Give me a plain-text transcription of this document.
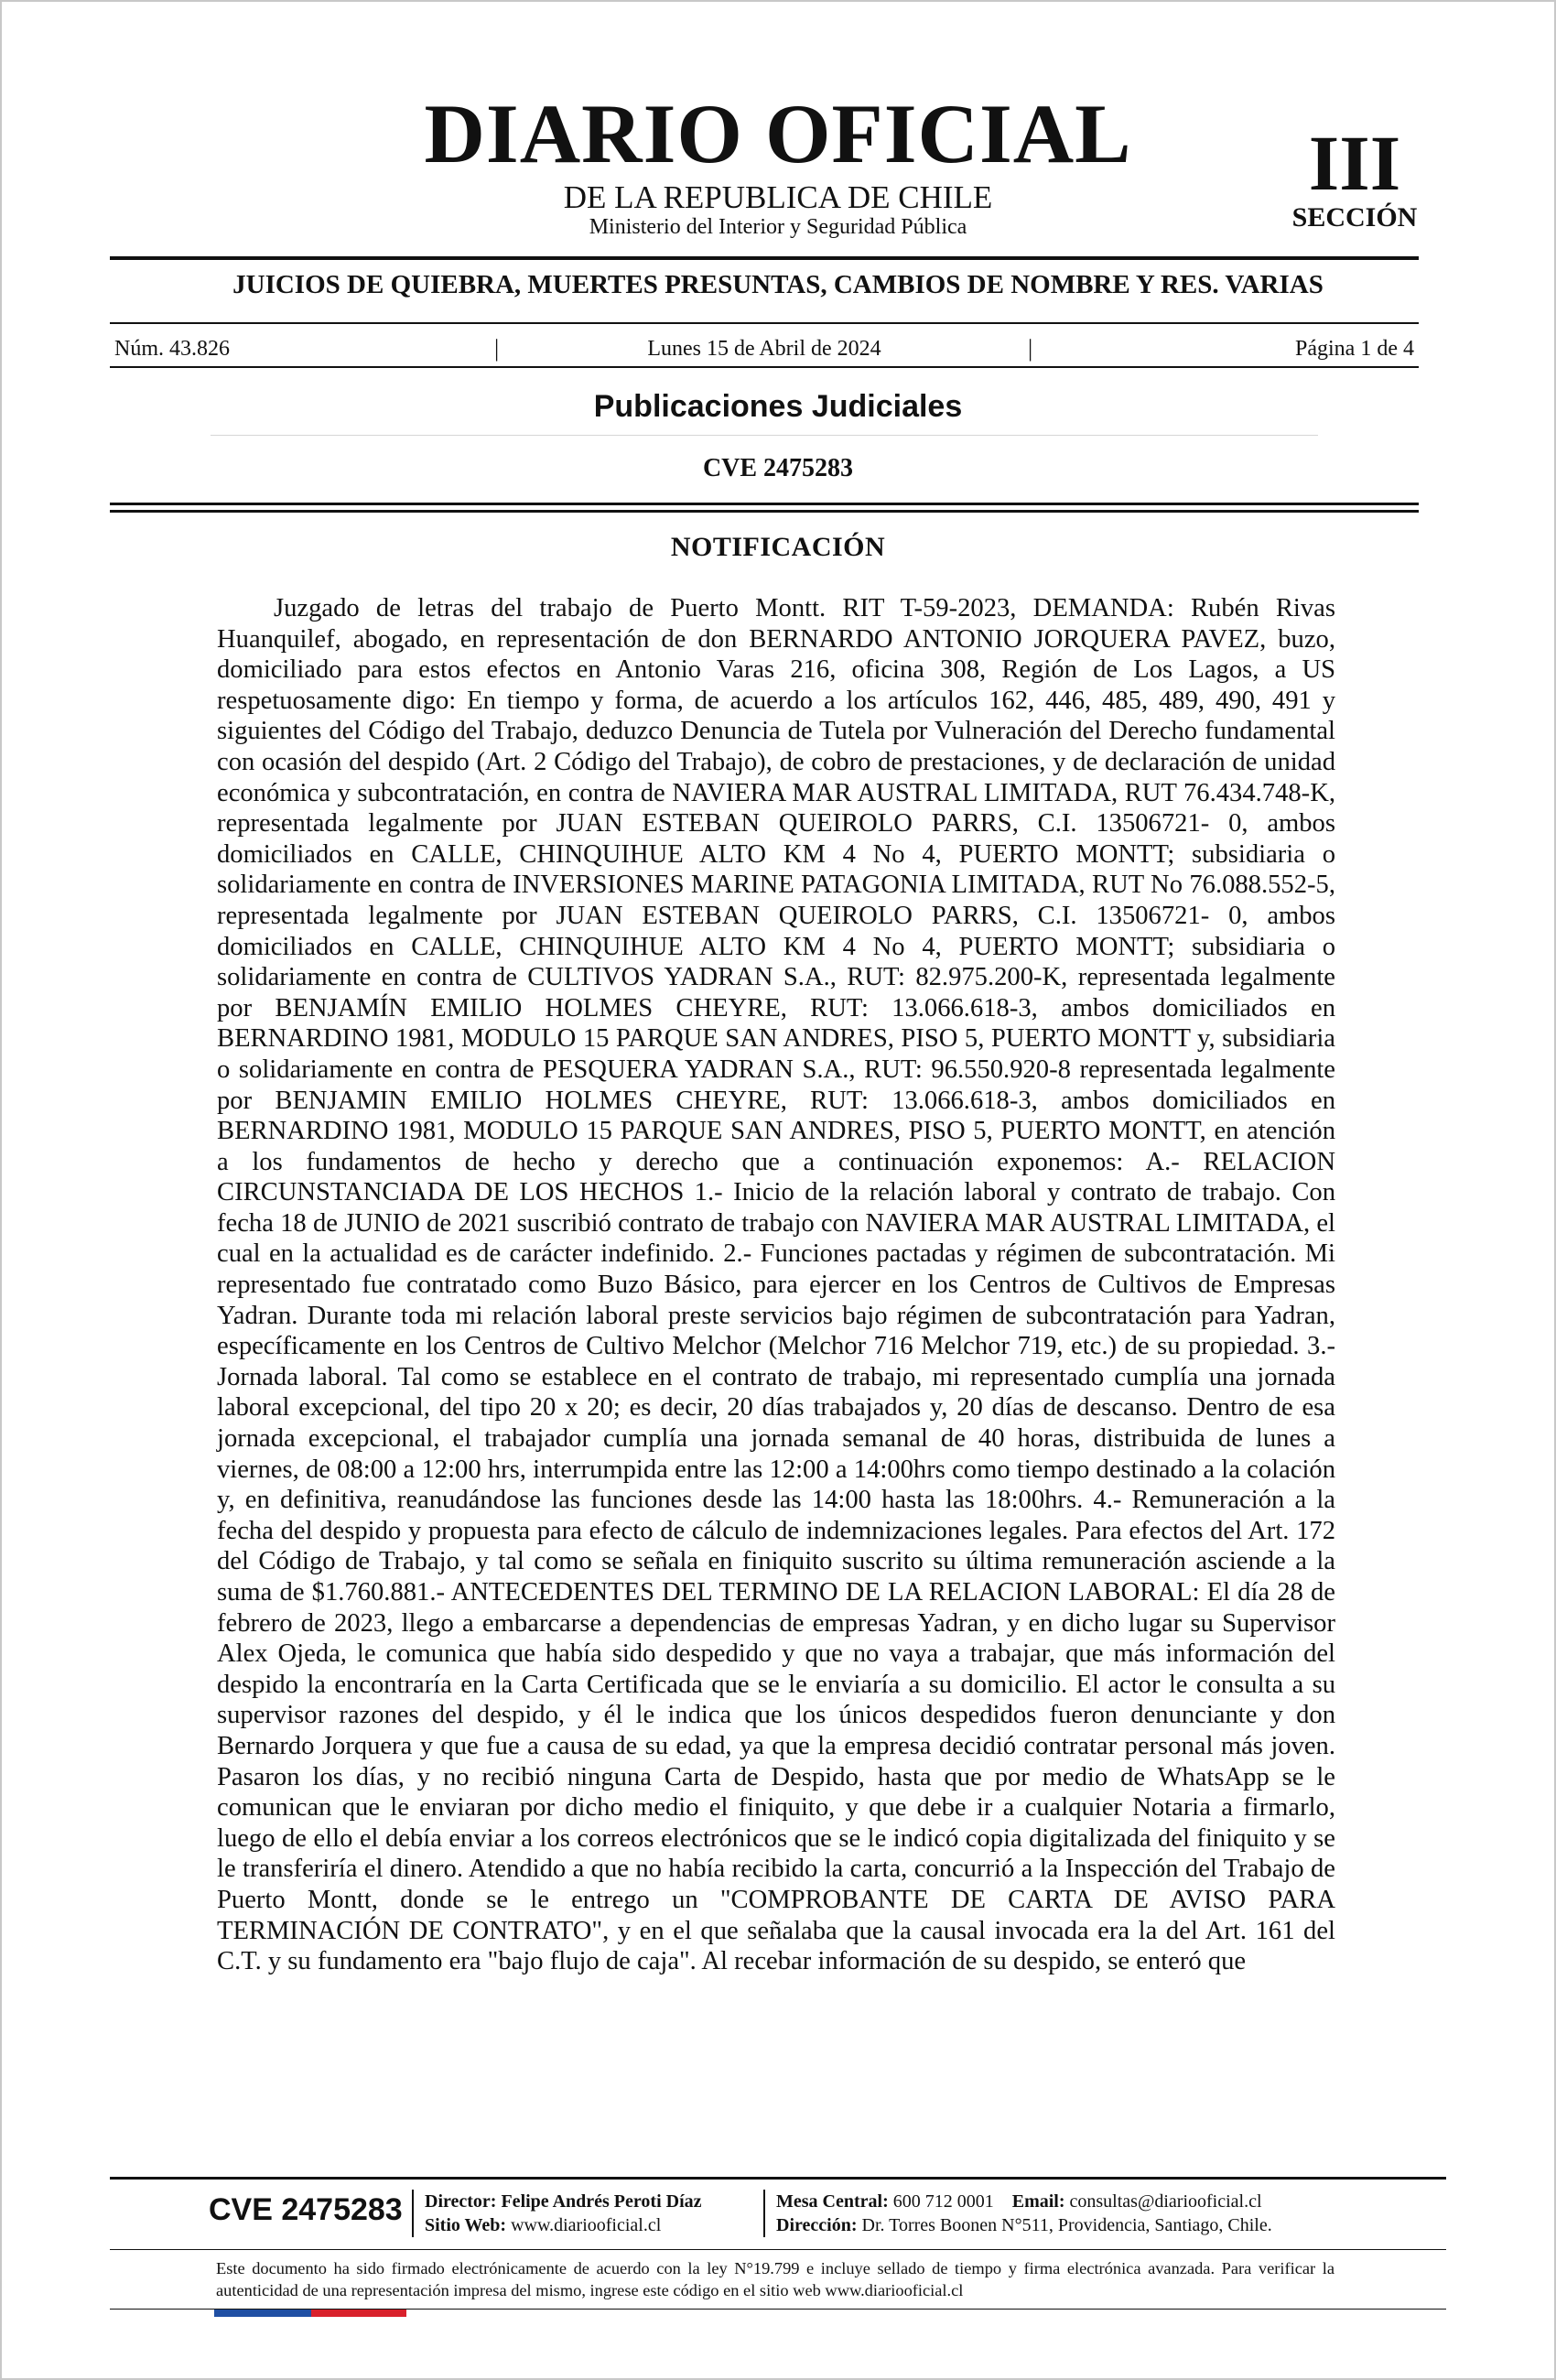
DIARIO OFICIAL
DE LA REPUBLICA DE CHILE
Ministerio del Interior y Seguridad Pública
III
SECCIÓN
JUICIOS DE QUIEBRA, MUERTES PRESUNTAS, CAMBIOS DE NOMBRE Y RES. VARIAS
Núm. 43.826	|	Lunes 15 de Abril de 2024	|	Página 1 de 4
Publicaciones Judiciales
CVE 2475283
NOTIFICACIÓN

Juzgado de letras del trabajo de Puerto Montt. RIT T-59-2023, DEMANDA: Rubén Rivas Huanquilef, abogado, en representación de don BERNARDO ANTONIO JORQUERA PAVEZ, buzo, domiciliado para estos efectos en Antonio Varas 216, oficina 308, Región de Los Lagos, a US respetuosamente digo: En tiempo y forma, de acuerdo a los artículos 162, 446, 485, 489, 490, 491 y siguientes del Código del Trabajo, deduzco Denuncia de Tutela por Vulneración del Derecho fundamental con ocasión del despido (Art. 2 Código del Trabajo), de cobro de prestaciones, y de declaración de unidad económica y subcontratación, en contra de NAVIERA MAR AUSTRAL LIMITADA, RUT 76.434.748-K, representada legalmente por JUAN ESTEBAN QUEIROLO PARRS, C.I. 13506721- 0, ambos domiciliados en CALLE, CHINQUIHUE ALTO KM 4 No 4, PUERTO MONTT; subsidiaria o solidariamente en contra de INVERSIONES MARINE PATAGONIA LIMITADA, RUT No 76.088.552-5, representada legalmente por JUAN ESTEBAN QUEIROLO PARRS, C.I. 13506721- 0, ambos domiciliados en CALLE, CHINQUIHUE ALTO KM 4 No 4, PUERTO MONTT; subsidiaria o solidariamente en contra de CULTIVOS YADRAN S.A., RUT: 82.975.200-K, representada legalmente por BENJAMÍN EMILIO HOLMES CHEYRE, RUT: 13.066.618-3, ambos domiciliados en BERNARDINO 1981, MODULO 15 PARQUE SAN ANDRES, PISO 5, PUERTO MONTT y, subsidiaria o solidariamente en contra de PESQUERA YADRAN S.A., RUT: 96.550.920-8 representada legalmente por BENJAMIN EMILIO HOLMES CHEYRE, RUT: 13.066.618-3, ambos domiciliados en BERNARDINO 1981, MODULO 15 PARQUE SAN ANDRES, PISO 5, PUERTO MONTT, en atención a los fundamentos de hecho y derecho que a continuación exponemos: A.- RELACION CIRCUNSTANCIADA DE LOS HECHOS 1.- Inicio de la relación laboral y contrato de trabajo. Con fecha 18 de JUNIO de 2021 suscribió contrato de trabajo con NAVIERA MAR AUSTRAL LIMITADA, el cual en la actualidad es de carácter indefinido. 2.- Funciones pactadas y régimen de subcontratación. Mi representado fue contratado como Buzo Básico, para ejercer en los Centros de Cultivos de Empresas Yadran. Durante toda mi relación laboral preste servicios bajo régimen de subcontratación para Yadran, específicamente en los Centros de Cultivo Melchor (Melchor 716 Melchor 719, etc.) de su propiedad. 3.- Jornada laboral. Tal como se establece en el contrato de trabajo, mi representado cumplía una jornada laboral excepcional, del tipo 20 x 20; es decir, 20 días trabajados y, 20 días de descanso. Dentro de esa jornada excepcional, el trabajador cumplía una jornada semanal de 40 horas, distribuida de lunes a viernes, de 08:00 a 12:00 hrs, interrumpida entre las 12:00 a 14:00hrs como tiempo destinado a la colación y, en definitiva, reanudándose las funciones desde las 14:00 hasta las 18:00hrs. 4.- Remuneración a la fecha del despido y propuesta para efecto de cálculo de indemnizaciones legales. Para efectos del Art. 172 del Código de Trabajo, y tal como se señala en finiquito suscrito su última remuneración asciende a la suma de $1.760.881.- ANTECEDENTES DEL TERMINO DE LA RELACION LABORAL: El día 28 de febrero de 2023, llego a embarcarse a dependencias de empresas Yadran, y en dicho lugar su Supervisor Alex Ojeda, le comunica que había sido despedido y que no vaya a trabajar, que más información del despido la encontraría en la Carta Certificada que se le enviaría a su domicilio. El actor le consulta a su supervisor razones del despido, y él le indica que los únicos despedidos fueron denunciante y don Bernardo Jorquera y que fue a causa de su edad, ya que la empresa decidió contratar personal más joven. Pasaron los días, y no recibió ninguna Carta de Despido, hasta que por medio de WhatsApp se le comunican que le enviaran por dicho medio el finiquito, y que debe ir a cualquier Notaria a firmarlo, luego de ello el debía enviar a los correos electrónicos que se le indicó copia digitalizada del finiquito y se le transferiría el dinero. Atendido a que no había recibido la carta, concurrió a la Inspección del Trabajo de Puerto Montt, donde se le entrego un "COMPROBANTE DE CARTA DE AVISO PARA TERMINACIÓN DE CONTRATO", y en el que señalaba que la causal invocada era la del Art. 161 del C.T. y su fundamento era "bajo flujo de caja". Al recebar información de su despido, se enteró que

CVE 2475283 Director: Felipe Andrés Peroti Díaz
Sitio Web: www.diariooficial.cl
Mesa Central: 600 712 0001 Email: consultas@diariooficial.cl
Dirección: Dr. Torres Boonen N°511, Providencia, Santiago, Chile.
Este documento ha sido firmado electrónicamente de acuerdo con la ley N°19.799 e incluye sellado de tiempo y firma electrónica avanzada. Para verificar la autenticidad de una representación impresa del mismo, ingrese este código en el sitio web www.diariooficial.cl
